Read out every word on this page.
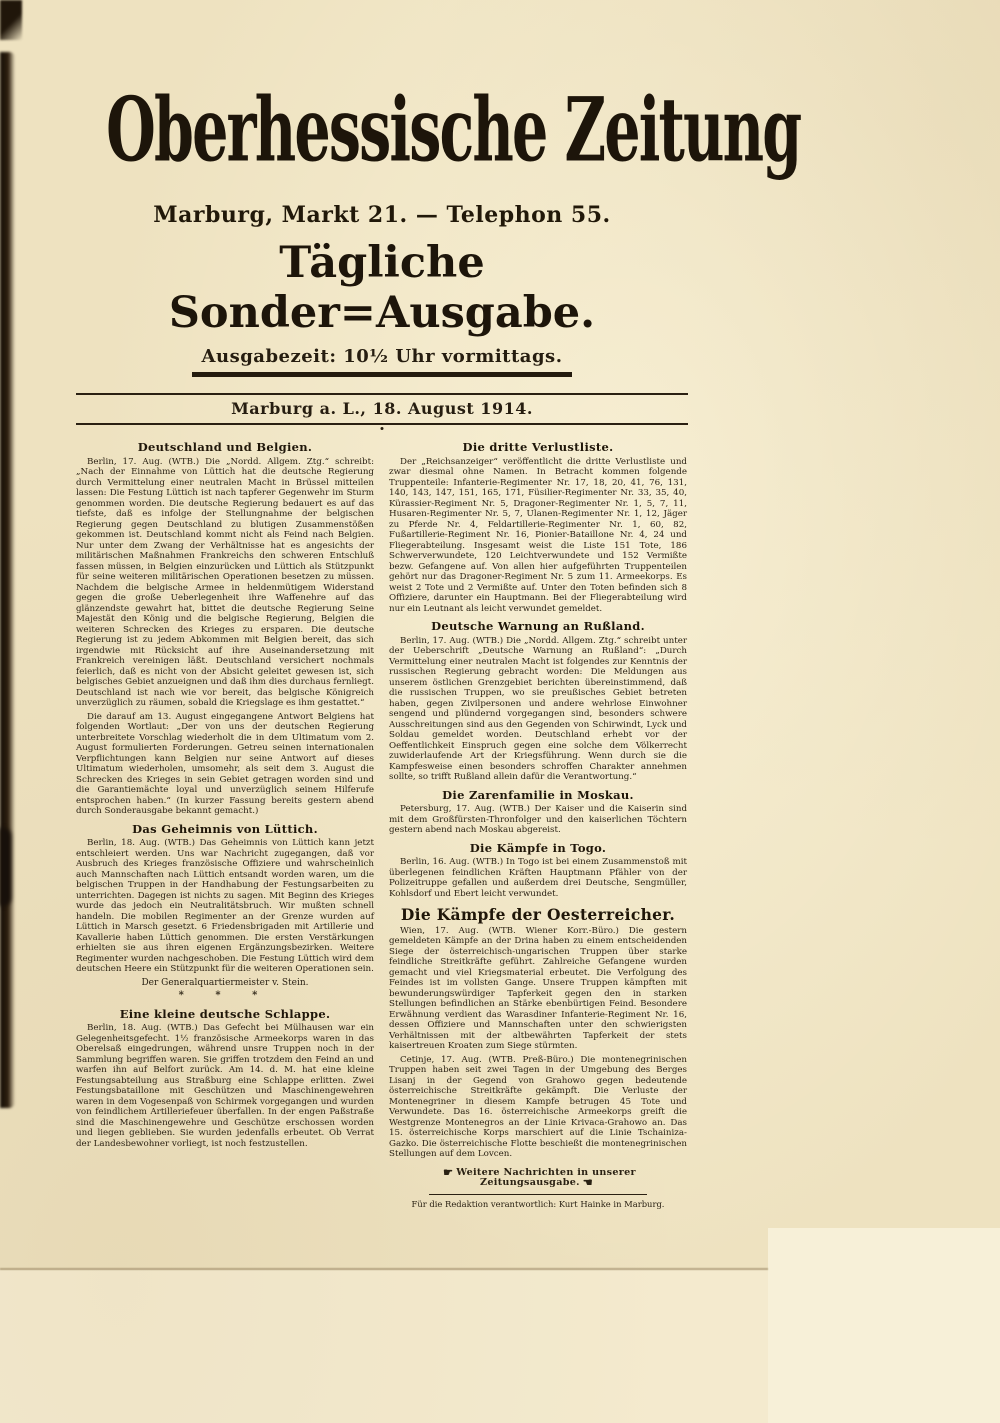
Oberhessische Zeitung
Marburg, Markt 21. — Telephon 55.
Tägliche Sonder=Ausgabe.
Ausgabezeit: 10½ Uhr vormittags.
Marburg a. L., 18. August 1914.
Deutschland und Belgien.

Berlin, 17. Aug. (WTB.) Die „Nordd. Allgem. Ztg.“ schreibt: „Nach der Einnahme von Lüttich hat die deutsche Regierung durch Vermittelung einer neutralen Macht in Brüssel mitteilen lassen: Die Festung Lüttich ist nach tapferer Gegenwehr im Sturm genommen worden. Die deutsche Regierung bedauert es auf das tiefste, daß es infolge der Stellungnahme der belgischen Regierung gegen Deutschland zu blutigen Zusammenstößen gekommen ist. Deutschland kommt nicht als Feind nach Belgien. Nur unter dem Zwang der Verhältnisse hat es angesichts der militärischen Maßnahmen Frankreichs den schweren Entschluß fassen müssen, in Belgien einzurücken und Lüttich als Stützpunkt für seine weiteren militärischen Operationen besetzen zu müssen. Nachdem die belgische Armee in heldenmütigem Widerstand gegen die große Ueberlegenheit ihre Waffenehre auf das glänzendste gewahrt hat, bittet die deutsche Regierung Seine Majestät den König und die belgische Regierung, Belgien die weiteren Schrecken des Krieges zu ersparen. Die deutsche Regierung ist zu jedem Abkommen mit Belgien bereit, das sich irgendwie mit Rücksicht auf ihre Auseinandersetzung mit Frankreich vereinigen läßt. Deutschland versichert nochmals feierlich, daß es nicht von der Absicht geleitet gewesen ist, sich belgisches Gebiet anzueignen und daß ihm dies durchaus fernliegt. Deutschland ist nach wie vor bereit, das belgische Königreich unverzüglich zu räumen, sobald die Kriegslage es ihm gestattet.“

Die darauf am 13. August eingegangene Antwort Belgiens hat folgenden Wortlaut: „Der von uns der deutschen Regierung unterbreitete Vorschlag wiederholt die in dem Ultimatum vom 2. August formulierten Forderungen. Getreu seinen internationalen Verpflichtungen kann Belgien nur seine Antwort auf dieses Ultimatum wiederholen, umsomehr, als seit dem 3. August die Schrecken des Krieges in sein Gebiet getragen worden sind und die Garantiemächte loyal und unverzüglich seinem Hilferufe entsprochen haben.“ (In kurzer Fassung bereits gestern abend durch Sonderausgabe bekannt gemacht.)

Das Geheimnis von Lüttich.

Berlin, 18. Aug. (WTB.) Das Geheimnis von Lüttich kann jetzt entschleiert werden. Uns war Nachricht zugegangen, daß vor Ausbruch des Krieges französische Offiziere und wahrscheinlich auch Mannschaften nach Lüttich entsandt worden waren, um die belgischen Truppen in der Handhabung der Festungsarbeiten zu unterrichten. Dagegen ist nichts zu sagen. Mit Beginn des Krieges wurde das jedoch ein Neutralitätsbruch. Wir mußten schnell handeln. Die mobilen Regimenter an der Grenze wurden auf Lüttich in Marsch gesetzt. 6 Friedensbrigaden mit Artillerie und Kavallerie haben Lüttich genommen. Die ersten Verstärkungen erhielten sie aus ihren eigenen Ergänzungsbezirken. Weitere Regimenter wurden nachgeschoben. Die Festung Lüttich wird dem deutschen Heere ein Stützpunkt für die weiteren Operationen sein.

Der Generalquartiermeister v. Stein.
* * *
Eine kleine deutsche Schlappe.

Berlin, 18. Aug. (WTB.) Das Gefecht bei Mülhausen war ein Gelegenheitsgefecht. 1½ französische Armeekorps waren in das Oberelsaß eingedrungen, während unsre Truppen noch in der Sammlung begriffen waren. Sie griffen trotzdem den Feind an und warfen ihn auf Belfort zurück. Am 14. d. M. hat eine kleine Festungsabteilung aus Straßburg eine Schlappe erlitten. Zwei Festungsbataillone mit Geschützen und Maschinengewehren waren in dem Vogesenpaß von Schirmek vorgegangen und wurden von feindlichem Artilleriefeuer überfallen. In der engen Paßstraße sind die Maschinengewehre und Geschütze erschossen worden und liegen geblieben. Sie wurden jedenfalls erbeutet. Ob Verrat der Landesbewohner vorliegt, ist noch festzustellen.

Die dritte Verlustliste.

Der „Reichsanzeiger“ veröffentlicht die dritte Verlustliste und zwar diesmal ohne Namen. In Betracht kommen folgende Truppenteile: Infanterie-Regimenter Nr. 17, 18, 20, 41, 76, 131, 140, 143, 147, 151, 165, 171, Füsilier-Regimenter Nr. 33, 35, 40, Kürassier-Regiment Nr. 5, Dragoner-Regimenter Nr. 1, 5, 7, 11, Husaren-Regimenter Nr. 5, 7, Ulanen-Regimenter Nr. 1, 12, Jäger zu Pferde Nr. 4, Feldartillerie-Regimenter Nr. 1, 60, 82, Fußartillerie-Regiment Nr. 16, Pionier-Bataillone Nr. 4, 24 und Fliegerabteilung. Insgesamt weist die Liste 151 Tote, 186 Schwerverwundete, 120 Leichtverwundete und 152 Vermißte bezw. Gefangene auf. Von allen hier aufgeführten Truppenteilen gehört nur das Dragoner-Regiment Nr. 5 zum 11. Armeekorps. Es weist 2 Tote und 2 Vermißte auf. Unter den Toten befinden sich 8 Offiziere, darunter ein Hauptmann. Bei der Fliegerabteilung wird nur ein Leutnant als leicht verwundet gemeldet.

Deutsche Warnung an Rußland.

Berlin, 17. Aug. (WTB.) Die „Nordd. Allgem. Ztg.“ schreibt unter der Ueberschrift „Deutsche Warnung an Rußland“: „Durch Vermittelung einer neutralen Macht ist folgendes zur Kenntnis der russischen Regierung gebracht worden: Die Meldungen aus unserem östlichen Grenzgebiet berichten übereinstimmend, daß die russischen Truppen, wo sie preußisches Gebiet betreten haben, gegen Zivilpersonen und andere wehrlose Einwohner sengend und plündernd vorgegangen sind, besonders schwere Ausschreitungen sind aus den Gegenden von Schirwindt, Lyck und Soldau gemeldet worden. Deutschland erhebt vor der Oeffentlichkeit Einspruch gegen eine solche dem Völkerrecht zuwiderlaufende Art der Kriegsführung. Wenn durch sie die Kampfesweise einen besonders schroffen Charakter annehmen sollte, so trifft Rußland allein dafür die Verantwortung.“

Die Zarenfamilie in Moskau.

Petersburg, 17. Aug. (WTB.) Der Kaiser und die Kaiserin sind mit dem Großfürsten-Thronfolger und den kaiserlichen Töchtern gestern abend nach Moskau abgereist.

Die Kämpfe in Togo.

Berlin, 16. Aug. (WTB.) In Togo ist bei einem Zusammenstoß mit überlegenen feindlichen Kräften Hauptmann Pfähler von der Polizeitruppe gefallen und außerdem drei Deutsche, Sengmüller, Kohlsdorf und Ebert leicht verwundet.

Die Kämpfe der Oesterreicher.

Wien, 17. Aug. (WTB. Wiener Korr.-Büro.) Die gestern gemeldeten Kämpfe an der Drina haben zu einem entscheidenden Siege der österreichisch-ungarischen Truppen über starke feindliche Streitkräfte geführt. Zahlreiche Gefangene wurden gemacht und viel Kriegsmaterial erbeutet. Die Verfolgung des Feindes ist im vollsten Gange. Unsere Truppen kämpften mit bewunderungswürdiger Tapferkeit gegen den in starken Stellungen befindlichen an Stärke ebenbürtigen Feind. Besondere Erwähnung verdient das Warasdiner Infanterie-Regiment Nr. 16, dessen Offiziere und Mannschaften unter den schwierigsten Verhältnissen mit der altbewährten Tapferkeit der stets kaisertreuen Kroaten zum Siege stürmten.

Cetinje, 17. Aug. (WTB. Preß-Büro.) Die montenegrinischen Truppen haben seit zwei Tagen in der Umgebung des Berges Lisanj in der Gegend von Grahowo gegen bedeutende österreichische Streitkräfte gekämpft. Die Verluste der Montenegriner in diesem Kampfe betrugen 45 Tote und Verwundete. Das 16. österreichische Armeekorps greift die Westgrenze Montenegros an der Linie Krivaca-Grahowo an. Das 15. österreichische Korps marschiert auf die Linie Tschainiza-Gazko. Die österreichische Flotte beschießt die montenegrinischen Stellungen auf dem Lovcen.

☛ Weitere Nachrichten in unserer Zeitungsausgabe. ☚
Für die Redaktion verantwortlich: Kurt Hainke in Marburg.
